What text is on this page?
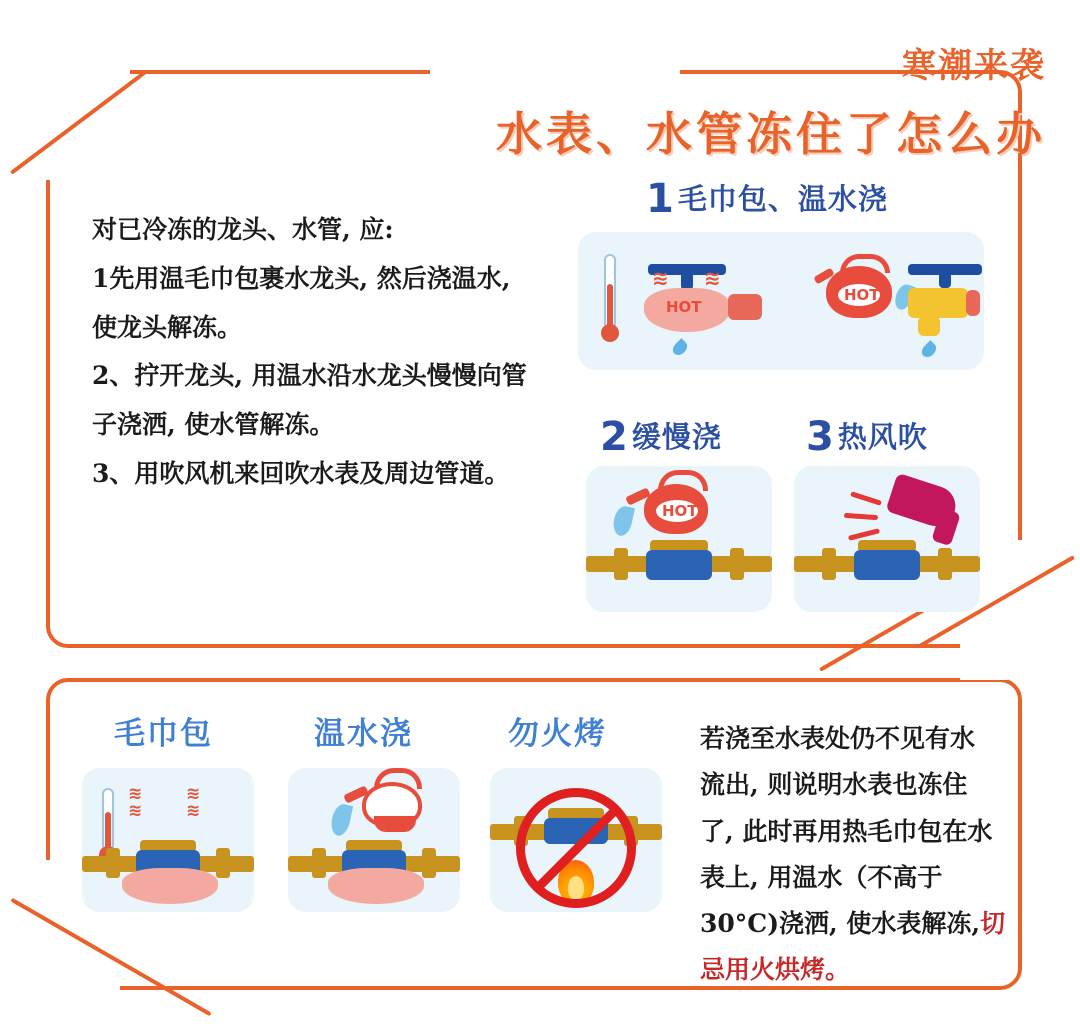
寒潮来袭
水表、水管冻住了怎么办

对已冷冻的龙头、水管, 应:

1先用温毛巾包裹水龙头, 然后浇温水,

使龙头解冻。

2、拧开龙头, 用温水沿水龙头慢慢向管

子浇洒, 使水管解冻。

3、用吹风机来回吹水表及周边管道。

1 毛巾包、温水浇
HOT
≋ ≋
HOT
2 缓慢浇
HOT
3 热风吹
毛巾包	温水浇	勿火烤
≋
≋
≋
≋
若浇至水表处仍不见有水
流出, 则说明水表也冻住
了, 此时再用热毛巾包在水
表上, 用温水（不高于
30°C)浇洒, 使水表解冻,切
忌用火烘烤。
